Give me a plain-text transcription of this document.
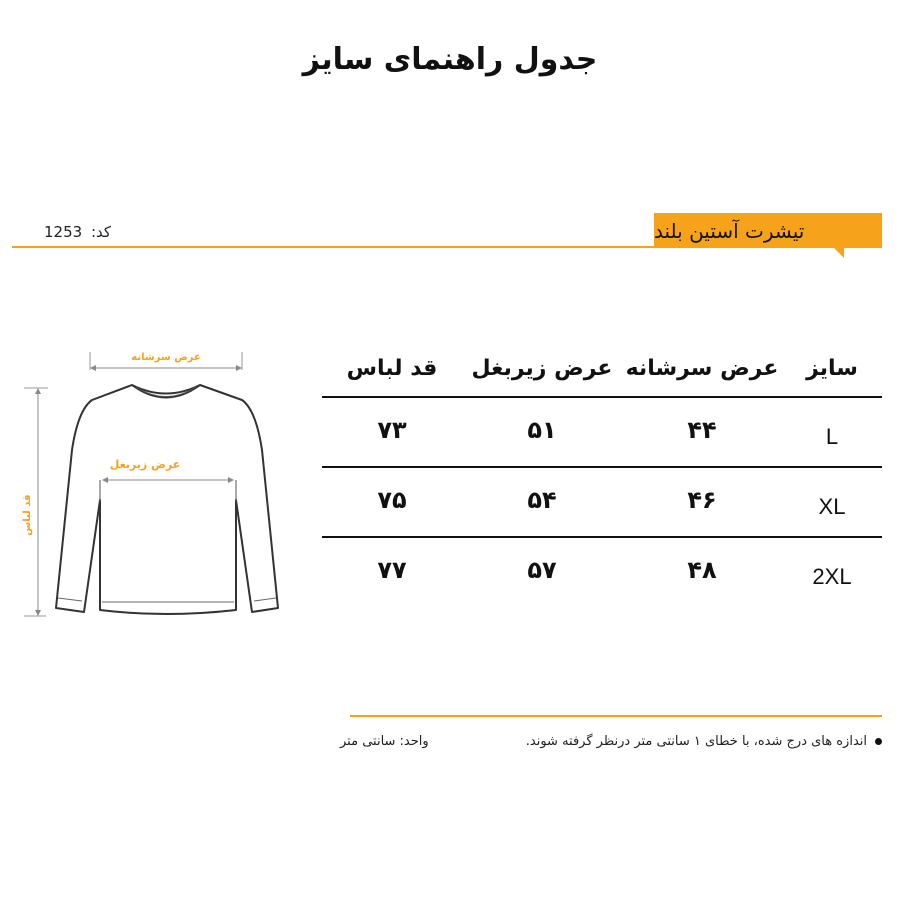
جدول راهنمای سایز
کد: 1253	تیشرت آستین بلند
عرض سرشانه
قد لباس
عرض زیربغل
سایز
عرض سرشانه
عرض زیربغل
قد لباس
L
۴۴
۵۱
۷۳
XL
۴۶
۵۴
۷۵
2XL
۴۸
۵۷
۷۷
اندازه های درج شده، با خطای ۱ سانتی متر درنظر گرفته شوند.
واحد: سانتی متر
